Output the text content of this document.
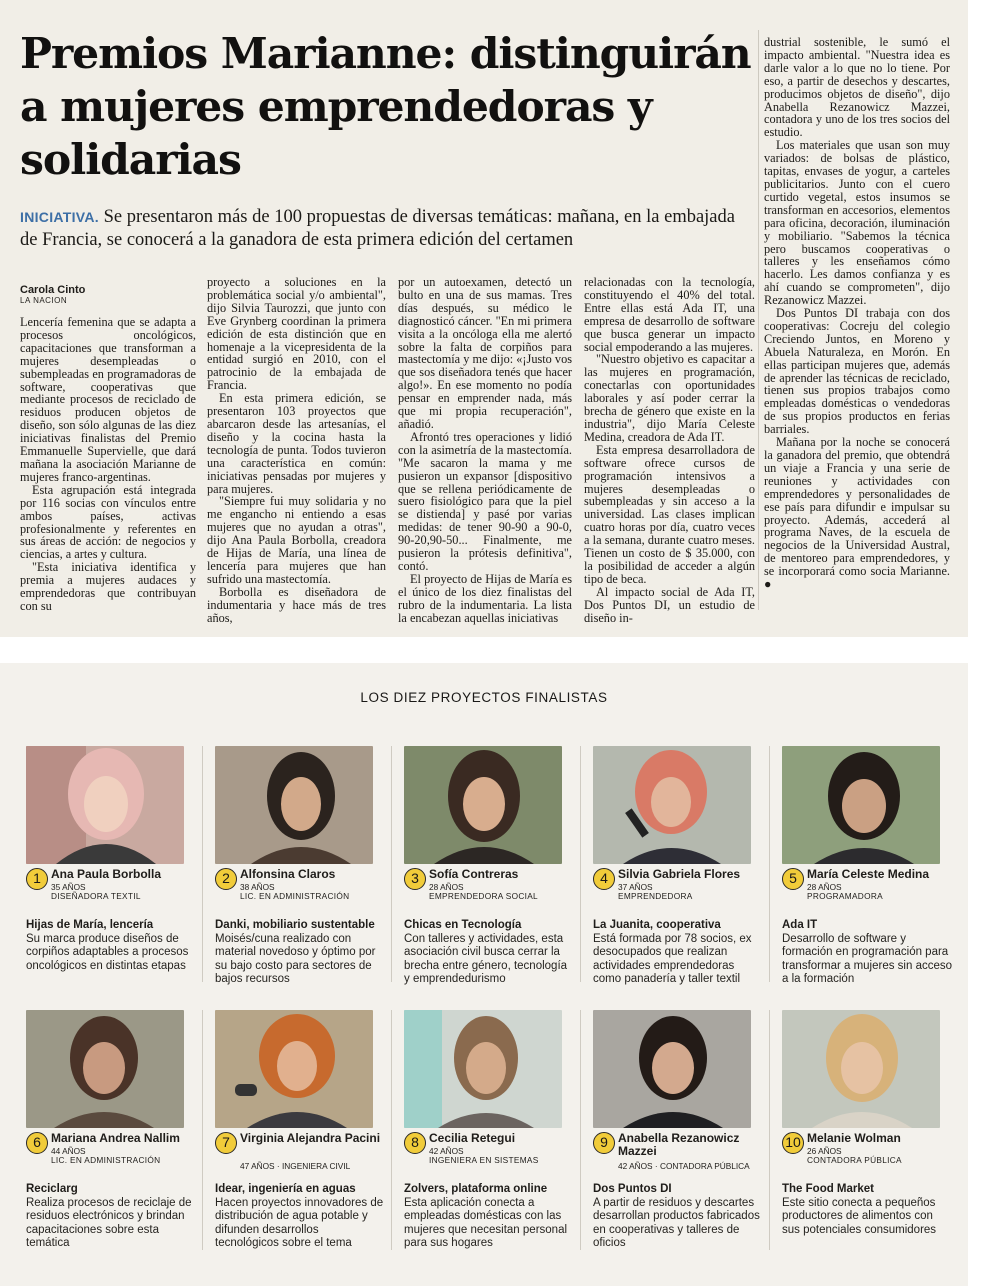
Premios Marianne: distinguirán a mujeres emprendedoras y solidarias
INICIATIVA. Se presentaron más de 100 propuestas de diversas temáticas: mañana, en la embajada de Francia, se conocerá a la ganadora de esta primera edición del certamen
Carola Cinto
LA NACION

Lencería femenina que se adapta a procesos oncológicos, capacitaciones que transforman a mujeres desempleadas o subempleadas en programadoras de software, cooperativas que mediante procesos de reciclado de residuos producen objetos de diseño, son sólo algunas de las diez iniciativas finalistas del Premio Emmanuelle Supervielle, que dará mañana la asociación Marianne de mujeres franco-argentinas.

Esta agrupación está integrada por 116 socias con vínculos entre ambos países, activas profesionalmente y referentes en sus áreas de acción: de negocios y ciencias, a artes y cultura.

"Esta iniciativa identifica y premia a mujeres audaces y emprendedoras que contribuyan con su

proyecto a soluciones en la problemática social y/o ambiental", dijo Silvia Taurozzi, que junto con Eve Grynberg coordinan la primera edición de esta distinción que en homenaje a la vicepresidenta de la entidad surgió en 2010, con el patrocinio de la embajada de Francia.

En esta primera edición, se presentaron 103 proyectos que abarcaron desde las artesanías, el diseño y la cocina hasta la tecnología de punta. Todos tuvieron una característica en común: iniciativas pensadas por mujeres y para mujeres.

"Siempre fui muy solidaria y no me engancho ni entiendo a esas mujeres que no ayudan a otras", dijo Ana Paula Borbolla, creadora de Hijas de María, una línea de lencería para mujeres que han sufrido una mastectomía.

Borbolla es diseñadora de indumentaria y hace más de tres años,

por un autoexamen, detectó un bulto en una de sus mamas. Tres días después, su médico le diagnosticó cáncer. "En mi primera visita a la oncóloga ella me alertó sobre la falta de corpiños para mastectomía y me dijo: «¡Justo vos que sos diseñadora tenés que hacer algo!». En ese momento no podía pensar en emprender nada, más que mi propia recuperación", añadió.

Afrontó tres operaciones y lidió con la asimetría de la mastectomía. "Me sacaron la mama y me pusieron un expansor [dispositivo que se rellena periódicamente de suero fisiológico para que la piel se distienda] y pasé por varias medidas: de tener 90-90 a 90-0, 90-20,90-50... Finalmente, me pusieron la prótesis definitiva", contó.

El proyecto de Hijas de María es el único de los diez finalistas del rubro de la indumentaria. La lista la encabezan aquellas iniciativas

relacionadas con la tecnología, constituyendo el 40% del total. Entre ellas está Ada IT, una empresa de desarrollo de software que busca generar un impacto social empoderando a las mujeres.

"Nuestro objetivo es capacitar a las mujeres en programación, conectarlas con oportunidades laborales y así poder cerrar la brecha de género que existe en la industria", dijo María Celeste Medina, creadora de Ada IT.

Esta empresa desarrolladora de software ofrece cursos de programación intensivos a mujeres desempleadas o subempleadas y sin acceso a la universidad. Las clases implican cuatro horas por día, cuatro veces a la semana, durante cuatro meses. Tienen un costo de $ 35.000, con la posibilidad de acceder a algún tipo de beca.

Al impacto social de Ada IT, Dos Puntos DI, un estudio de diseño in-

dustrial sostenible, le sumó el impacto ambiental. "Nuestra idea es darle valor a lo que no lo tiene. Por eso, a partir de desechos y descartes, producimos objetos de diseño", dijo Anabella Rezanowicz Mazzei, contadora y uno de los tres socios del estudio.

Los materiales que usan son muy variados: de bolsas de plástico, tapitas, envases de yogur, a carteles publicitarios. Junto con el cuero curtido vegetal, estos insumos se transforman en accesorios, elementos para oficina, decoración, iluminación y mobiliario. "Sabemos la técnica pero buscamos cooperativas o talleres y les enseñamos cómo hacerlo. Les damos confianza y es ahí cuando se comprometen", dijo Rezanowicz Mazzei.

Dos Puntos DI trabaja con dos cooperativas: Cocreju del colegio Creciendo Juntos, en Moreno y Abuela Naturaleza, en Morón. En ellas participan mujeres que, además de aprender las técnicas de reciclado, tienen sus propios trabajos como empleadas domésticas o vendedoras de sus propios productos en ferias barriales.

Mañana por la noche se conocerá la ganadora del premio, que obtendrá un viaje a Francia y una serie de reuniones y actividades con emprendedores y personalidades de ese país para difundir e impulsar su proyecto. Además, accederá al programa Naves, de la escuela de negocios de la Universidad Austral, de mentoreo para emprendedores, y se incorporará como socia Marianne. ●

LOS DIEZ PROYECTOS FINALISTAS
1 Ana Paula Borbolla
35 AÑOS
DISEÑADORA TEXTIL
Hijas de María, lencería
Su marca produce diseños de corpiños adaptables a procesos oncológicos en distintas etapas
2 Alfonsina Claros
38 AÑOS
LIC. EN ADMINISTRACIÓN
Danki, mobiliario sustentable
Moisés/cuna realizado con material novedoso y óptimo por su bajo costo para sectores de bajos recursos
3 Sofía Contreras
28 AÑOS
EMPRENDEDORA SOCIAL
Chicas en Tecnología
Con talleres y actividades, esta asociación civil busca cerrar la brecha entre género, tecnología y emprendedurismo
4 Silvia Gabriela Flores
37 AÑOS
EMPRENDEDORA
La Juanita, cooperativa
Está formada por 78 socios, ex desocupados que realizan actividades emprendedoras como panadería y taller textil
5 María Celeste Medina
28 AÑOS
PROGRAMADORA
Ada IT
Desarrollo de software y formación en programación para transformar a mujeres sin acceso a la formación
6 Mariana Andrea Nallim
44 AÑOS
LIC. EN ADMINISTRACIÓN
Reciclarg
Realiza procesos de reciclaje de residuos electrónicos y brindan capacitaciones sobre esta temática
7 Virginia Alejandra Pacini
47 AÑOS · INGENIERA CIVIL
Idear, ingeniería en aguas
Hacen proyectos innovadores de distribución de agua potable y difunden desarrollos tecnológicos sobre el tema
8 Cecilia Retegui
42 AÑOS
INGENIERA EN SISTEMAS
Zolvers, plataforma online
Esta aplicación conecta a empleadas domésticas con las mujeres que necesitan personal para sus hogares
9 Anabella Rezanowicz Mazzei
42 AÑOS · CONTADORA PÚBLICA
Dos Puntos DI
A partir de residuos y descartes desarrollan productos fabricados en cooperativas y talleres de oficios
10 Melanie Wolman
26 AÑOS
CONTADORA PÚBLICA
The Food Market
Este sitio conecta a pequeños productores de alimentos con sus potenciales consumidores
